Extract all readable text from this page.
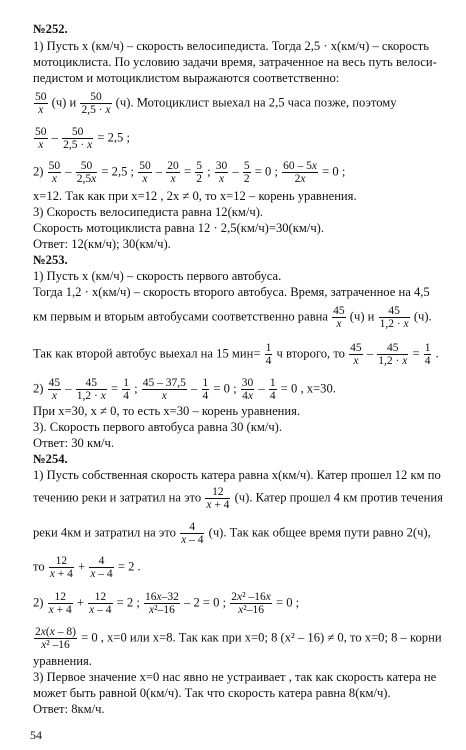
№252.
1) Пусть x (км/ч) – скорость велосипедиста. Тогда 2,5 · x(км/ч) – скорость
мотоциклиста. По условию задачи время, затраченное на весь путь велоси-
педистом и мотоциклистом выражаются соответственно:
$\frac{50}{x} (ч)$ и $\frac{50}{2,5 \cdot x} (ч)$. Мотоциклист выехал на 2,5 часа позже, поэтому
$\frac{50}{x} - \frac{50}{2,5 \cdot x} = 2,5$ ;
$2) \frac{50}{x} - \frac{50}{2,5x} = 2,5$ ; $\frac{50}{x} - \frac{20}{x} = \frac{5}{2}$ ; $\frac{30}{x} - \frac{5}{2} = 0$ ; $\frac{60 - 5x}{2x} = 0$ ;
x=12. Так как при x=12 , 2x ≠ 0, то x=12 – корень уравнения.
3) Скорость велосипедиста равна 12(км/ч).
Скорость мотоциклиста равна 12 · 2,5(км/ч)=30(км/ч).
Ответ: 12(км/ч); 30(км/ч).
№253.
1) Пусть x (км/ч) – скорость первого автобуса.
Тогда 1,2 · x(км/ч) – скорость второго автобуса. Время, затраченное на 4,5
км первым и вторым автобусами соответственно равна $\frac{45}{x} (ч)$ и $\frac{45}{1,2 \cdot x} (ч)$.
Так как второй автобус выехал на 15 $мин= \frac{1}{4}$ ч второго, то $\frac{45}{x} - \frac{45}{1,2 \cdot x} = \frac{1}{4}$ .
$2) \frac{45}{x} - \frac{45}{1,2 \cdot x} = \frac{1}{4}$ ; $\frac{45 - 37,5}{x} - \frac{1}{4} = 0$ ; $\frac{30}{4x} - \frac{1}{4} = 0$ , x=30.
При x=30, x ≠ 0, то есть x=30 – корень уравнения.
3). Скорость первого автобуса равна 30 (км/ч).
Ответ: 30 км/ч.
№254.
1) Пусть собственная скорость катера равна x(км/ч). Катер прошел 12 км по
течению реки и затратил на это $\frac{12}{x + 4} (ч)$. Катер прошел 4 км против течения
реки 4км и затратил на это $\frac{4}{x - 4} (ч)$. Так как общее время пути равно 2(ч),
то $\frac{12}{x + 4} + \frac{4}{x - 4} = 2$ .
$2) \frac{12}{x + 4} + \frac{12}{x - 4} = 2$ ; $\frac{16x-32}{\text{x²–16}} - 2 = 0$ ; $\frac{\text{2x² –16x}}{\text{x²–16}} = 0$ ;
$\frac{2x(x - 8)}{\text{x² –16}} = 0$ , x=0 или x=8. Так как при x=0; 8 (x² – 16) ≠ 0, то x=0; 8 – корни
уравнения.
3) Первое значение x=0 нас явно не устраивает , так как скорость катера не
может быть равной 0(км/ч). Так что скорость катера равна 8(км/ч).
Ответ: 8км/ч.
54
